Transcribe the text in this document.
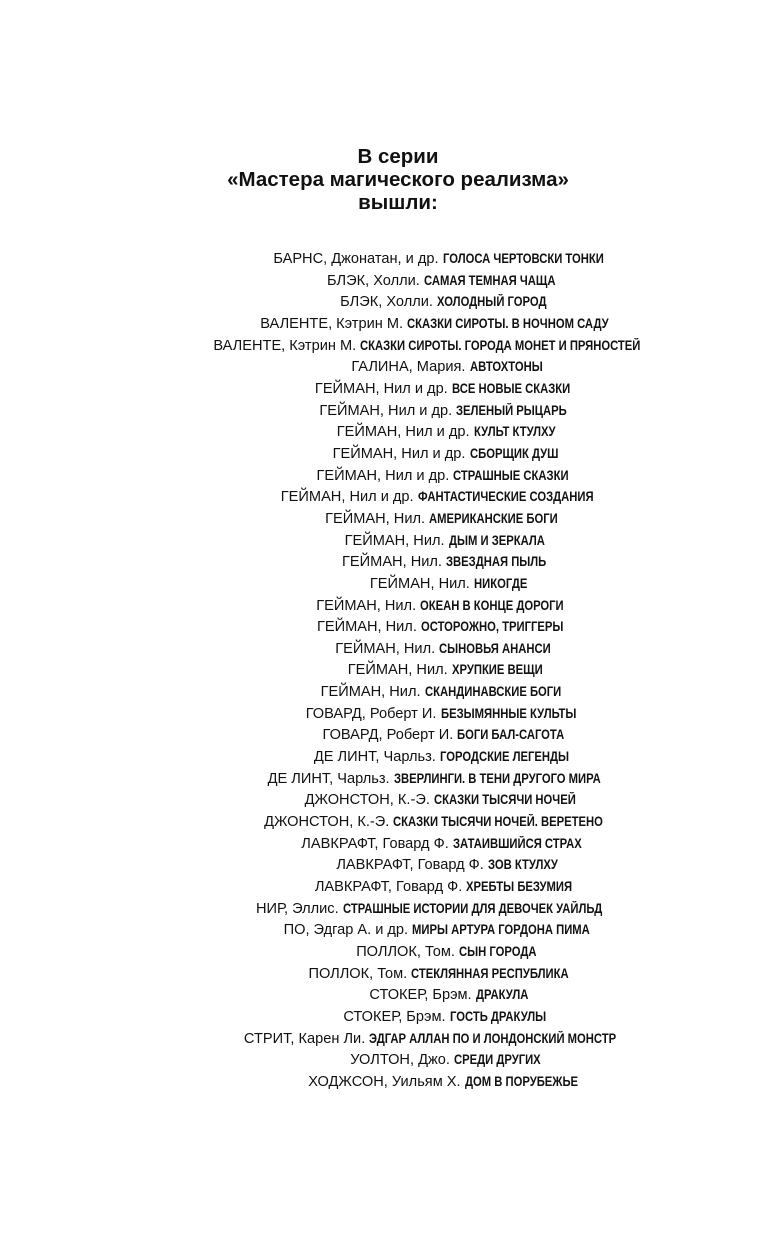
В серии
«Мастера магического реализма»
вышли:
БАРНС, Джонатан, и др. ГОЛОСА ЧЕРТОВСКИ ТОНКИ
БЛЭК, Холли. САМАЯ ТЕМНАЯ ЧАЩА
БЛЭК, Холли. ХОЛОДНЫЙ ГОРОД
ВАЛЕНТЕ, Кэтрин М. СКАЗКИ СИРОТЫ. В НОЧНОМ САДУ
ВАЛЕНТЕ, Кэтрин М. СКАЗКИ СИРОТЫ. ГОРОДА МОНЕТ И ПРЯНОСТЕЙ
ГАЛИНА, Мария. АВТОХТОНЫ
ГЕЙМАН, Нил и др. ВСЕ НОВЫЕ СКАЗКИ
ГЕЙМАН, Нил и др. ЗЕЛЕНЫЙ РЫЦАРЬ
ГЕЙМАН, Нил и др. КУЛЬТ КТУЛХУ
ГЕЙМАН, Нил и др. СБОРЩИК ДУШ
ГЕЙМАН, Нил и др. СТРАШНЫЕ СКАЗКИ
ГЕЙМАН, Нил и др. ФАНТАСТИЧЕСКИЕ СОЗДАНИЯ
ГЕЙМАН, Нил. АМЕРИКАНСКИЕ БОГИ
ГЕЙМАН, Нил. ДЫМ И ЗЕРКАЛА
ГЕЙМАН, Нил. ЗВЕЗДНАЯ ПЫЛЬ
ГЕЙМАН, Нил. НИКОГДЕ
ГЕЙМАН, Нил. ОКЕАН В КОНЦЕ ДОРОГИ
ГЕЙМАН, Нил. ОСТОРОЖНО, ТРИГГЕРЫ
ГЕЙМАН, Нил. СЫНОВЬЯ АНАНСИ
ГЕЙМАН, Нил. ХРУПКИЕ ВЕЩИ
ГЕЙМАН, Нил. СКАНДИНАВСКИЕ БОГИ
ГОВАРД, Роберт И. БЕЗЫМЯННЫЕ КУЛЬТЫ
ГОВАРД, Роберт И. БОГИ БАЛ-САГОТА
ДЕ ЛИНТ, Чарльз. ГОРОДСКИЕ ЛЕГЕНДЫ
ДЕ ЛИНТ, Чарльз. ЗВЕРЛИНГИ. В ТЕНИ ДРУГОГО МИРА
ДЖОНСТОН, К.-Э. СКАЗКИ ТЫСЯЧИ НОЧЕЙ
ДЖОНСТОН, К.-Э. СКАЗКИ ТЫСЯЧИ НОЧЕЙ. ВЕРЕТЕНО
ЛАВКРАФТ, Говард Ф. ЗАТАИВШИЙСЯ СТРАХ
ЛАВКРАФТ, Говард Ф. ЗОВ КТУЛХУ
ЛАВКРАФТ, Говард Ф. ХРЕБТЫ БЕЗУМИЯ
НИР, Эллис. СТРАШНЫЕ ИСТОРИИ ДЛЯ ДЕВОЧЕК УАЙЛЬД
ПО, Эдгар А. и др. МИРЫ АРТУРА ГОРДОНА ПИМА
ПОЛЛОК, Том. СЫН ГОРОДА
ПОЛЛОК, Том. СТЕКЛЯННАЯ РЕСПУБЛИКА
СТОКЕР, Брэм. ДРАКУЛА
СТОКЕР, Брэм. ГОСТЬ ДРАКУЛЫ
СТРИТ, Карен Ли. ЭДГАР АЛЛАН ПО И ЛОНДОНСКИЙ МОНСТР
УОЛТОН, Джо. СРЕДИ ДРУГИХ
ХОДЖСОН, Уильям Х. ДОМ В ПОРУБЕЖЬЕ
